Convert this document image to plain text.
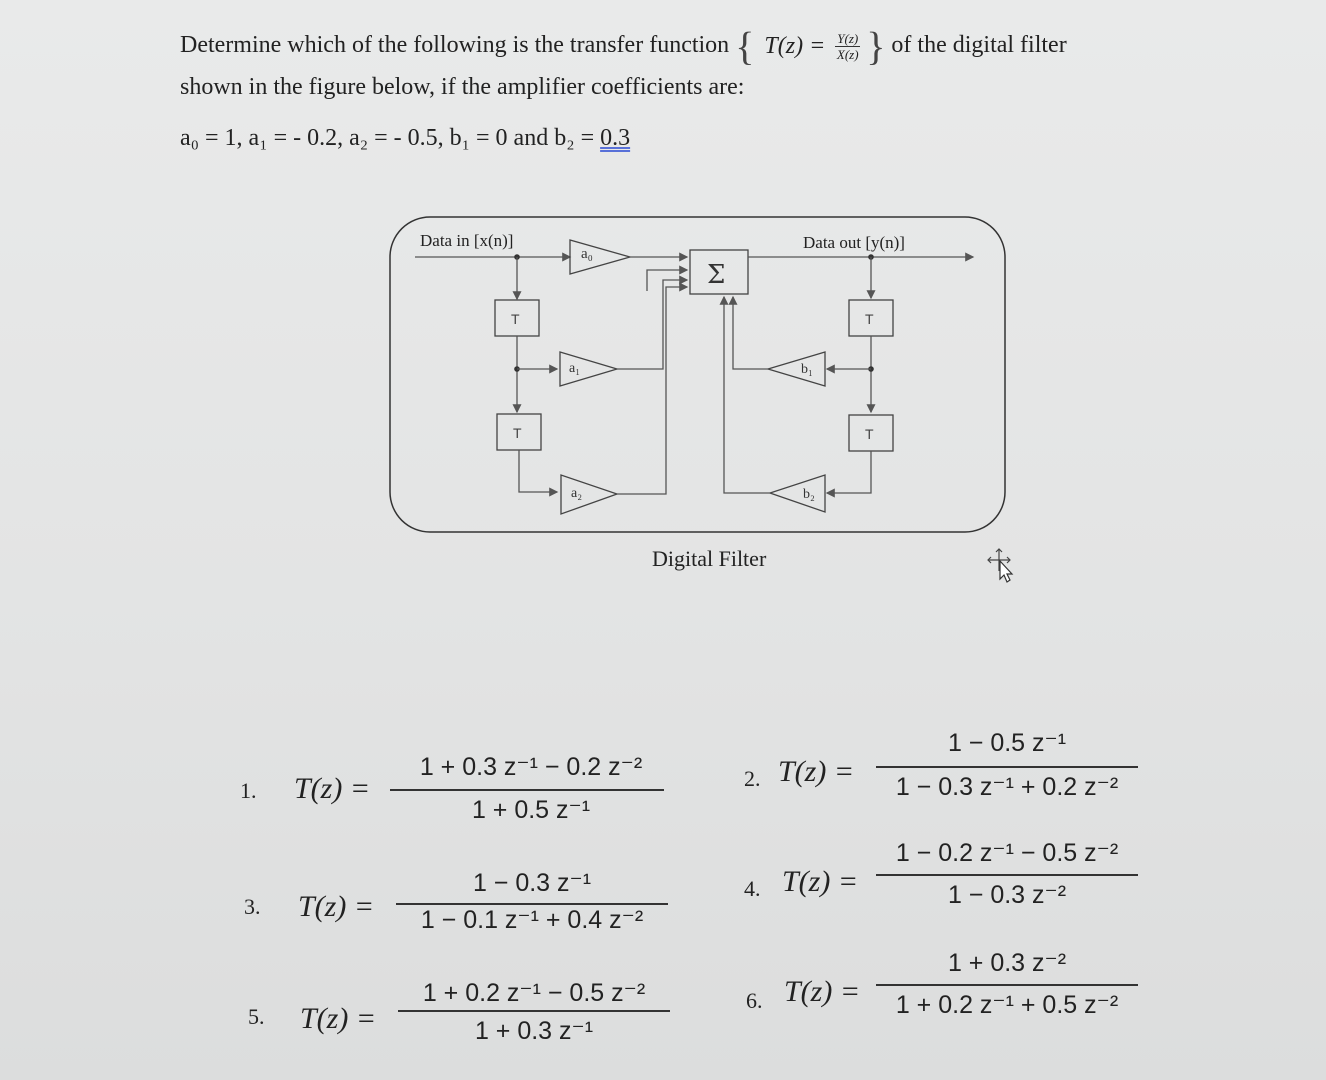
Determine which of the following is the transfer function { $T(z) = \frac{Y(z)}{X(z)}$ } of the digital filter
shown in the figure below, if the amplifier coefficients are:
a₀ = 1, a₁ = - 0.2, a₂ = - 0.5, b₁ = 0 and b₂ = 0.3
Data in [x(n)]	Data out [y(n)]
a₀
Σ
T
a₁
T
a₂
T
b₁
T
b₂
Digital Filter
1. T(z) =
1 + 0.3 z⁻¹ − 0.2 z⁻²
1 + 0.5 z⁻¹
2. T(z) =
1 − 0.5 z⁻¹
1 − 0.3 z⁻¹ + 0.2 z⁻²
3. T(z) =
1 − 0.3 z⁻¹
1 − 0.1 z⁻¹ + 0.4 z⁻²
4. T(z) =
1 − 0.2 z⁻¹ − 0.5 z⁻²
1 − 0.3 z⁻²
5. T(z) =
1 + 0.2 z⁻¹ − 0.5 z⁻²
1 + 0.3 z⁻¹
6. T(z) =
1 + 0.3 z⁻²
1 + 0.2 z⁻¹ + 0.5 z⁻²
